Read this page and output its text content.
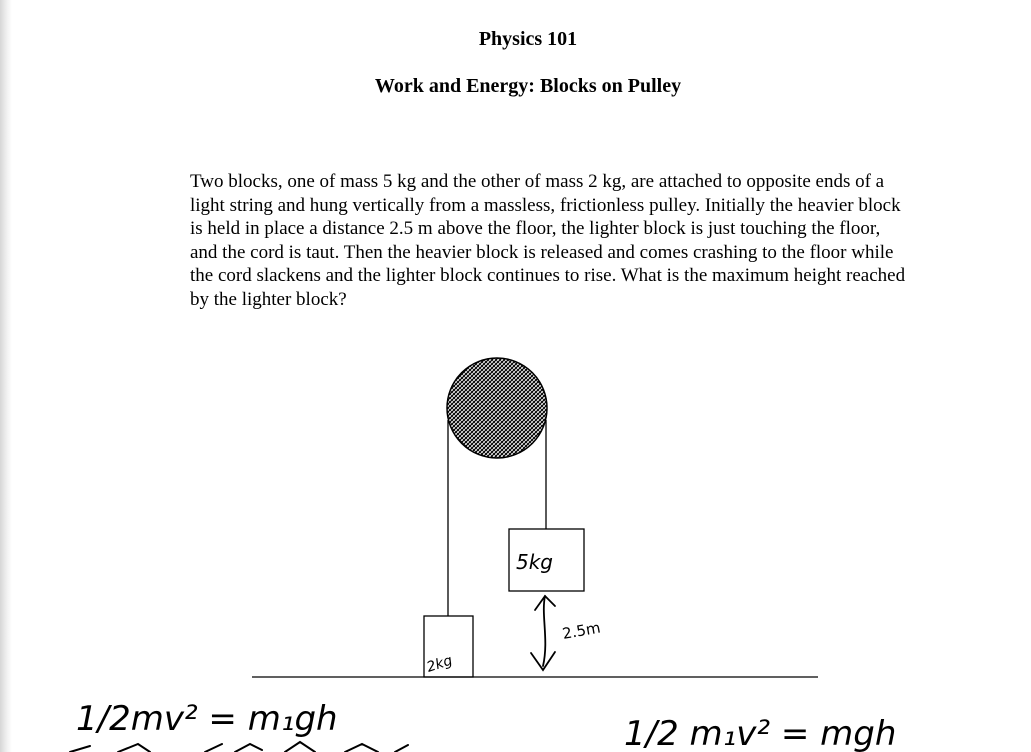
Physics 101
Work and Energy: Blocks on Pulley

Two blocks, one of mass 5 kg and the other of mass 2 kg, are attached to opposite ends of a light string and hung vertically from a massless, frictionless pulley. Initially the heavier block is held in place a distance 2.5 m above the floor, the lighter block is just touching the floor, and the cord is taut. Then the heavier block is released and comes crashing to the floor while the cord slackens and the lighter block continues to rise. What is the maximum height reached by the lighter block?

5kg
2kg
2.5m
1/2mv² = m₁gh	1/2 m₁v² = mgh
